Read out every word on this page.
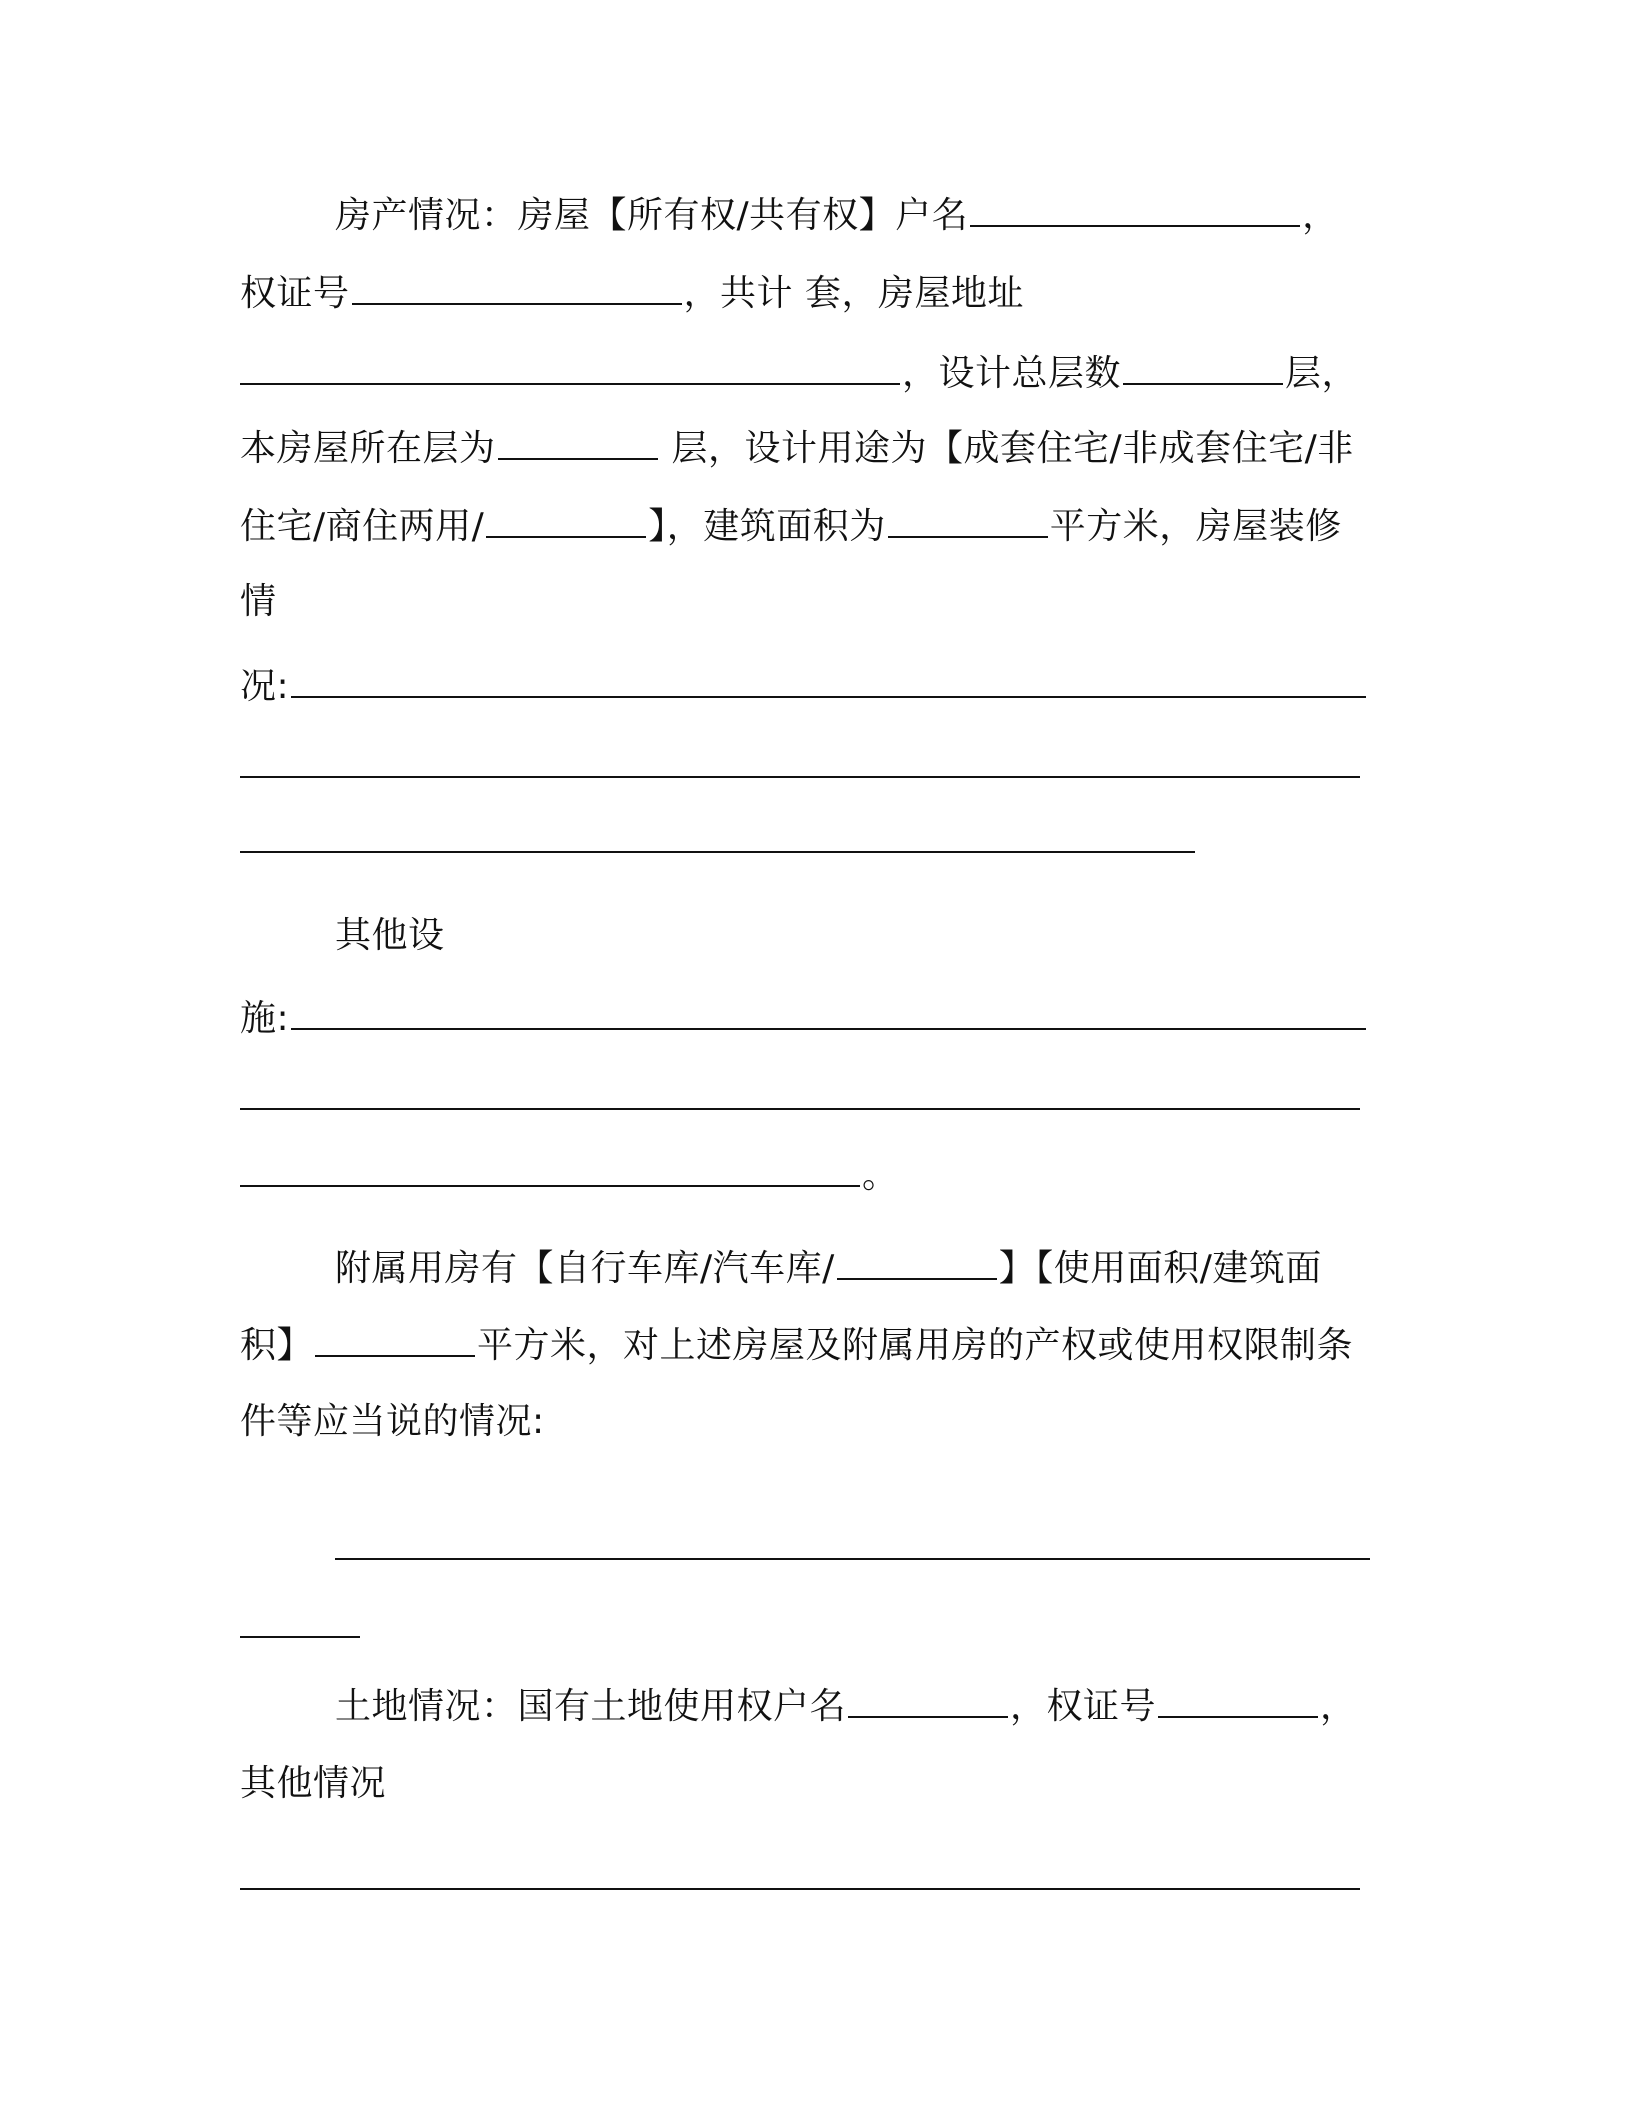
房产情况：房屋【所有权/共有权】户名	，
权证号	，共计 套，房屋地址
，设计总层数	层，
本房屋所在层为	层，设计用途为【成套住宅/非成套住宅/非
住宅/商住两用/	】，建筑面积为	平方米，房屋装修
情
况:
其他设
施:
。
附属用房有【自行车库/汽车库/	】【使用面积/建筑面
积】	平方米，对上述房屋及附属用房的产权或使用权限制条
件等应当说的情况:
土地情况：国有土地使用权户名	，权证号	，
其他情况
